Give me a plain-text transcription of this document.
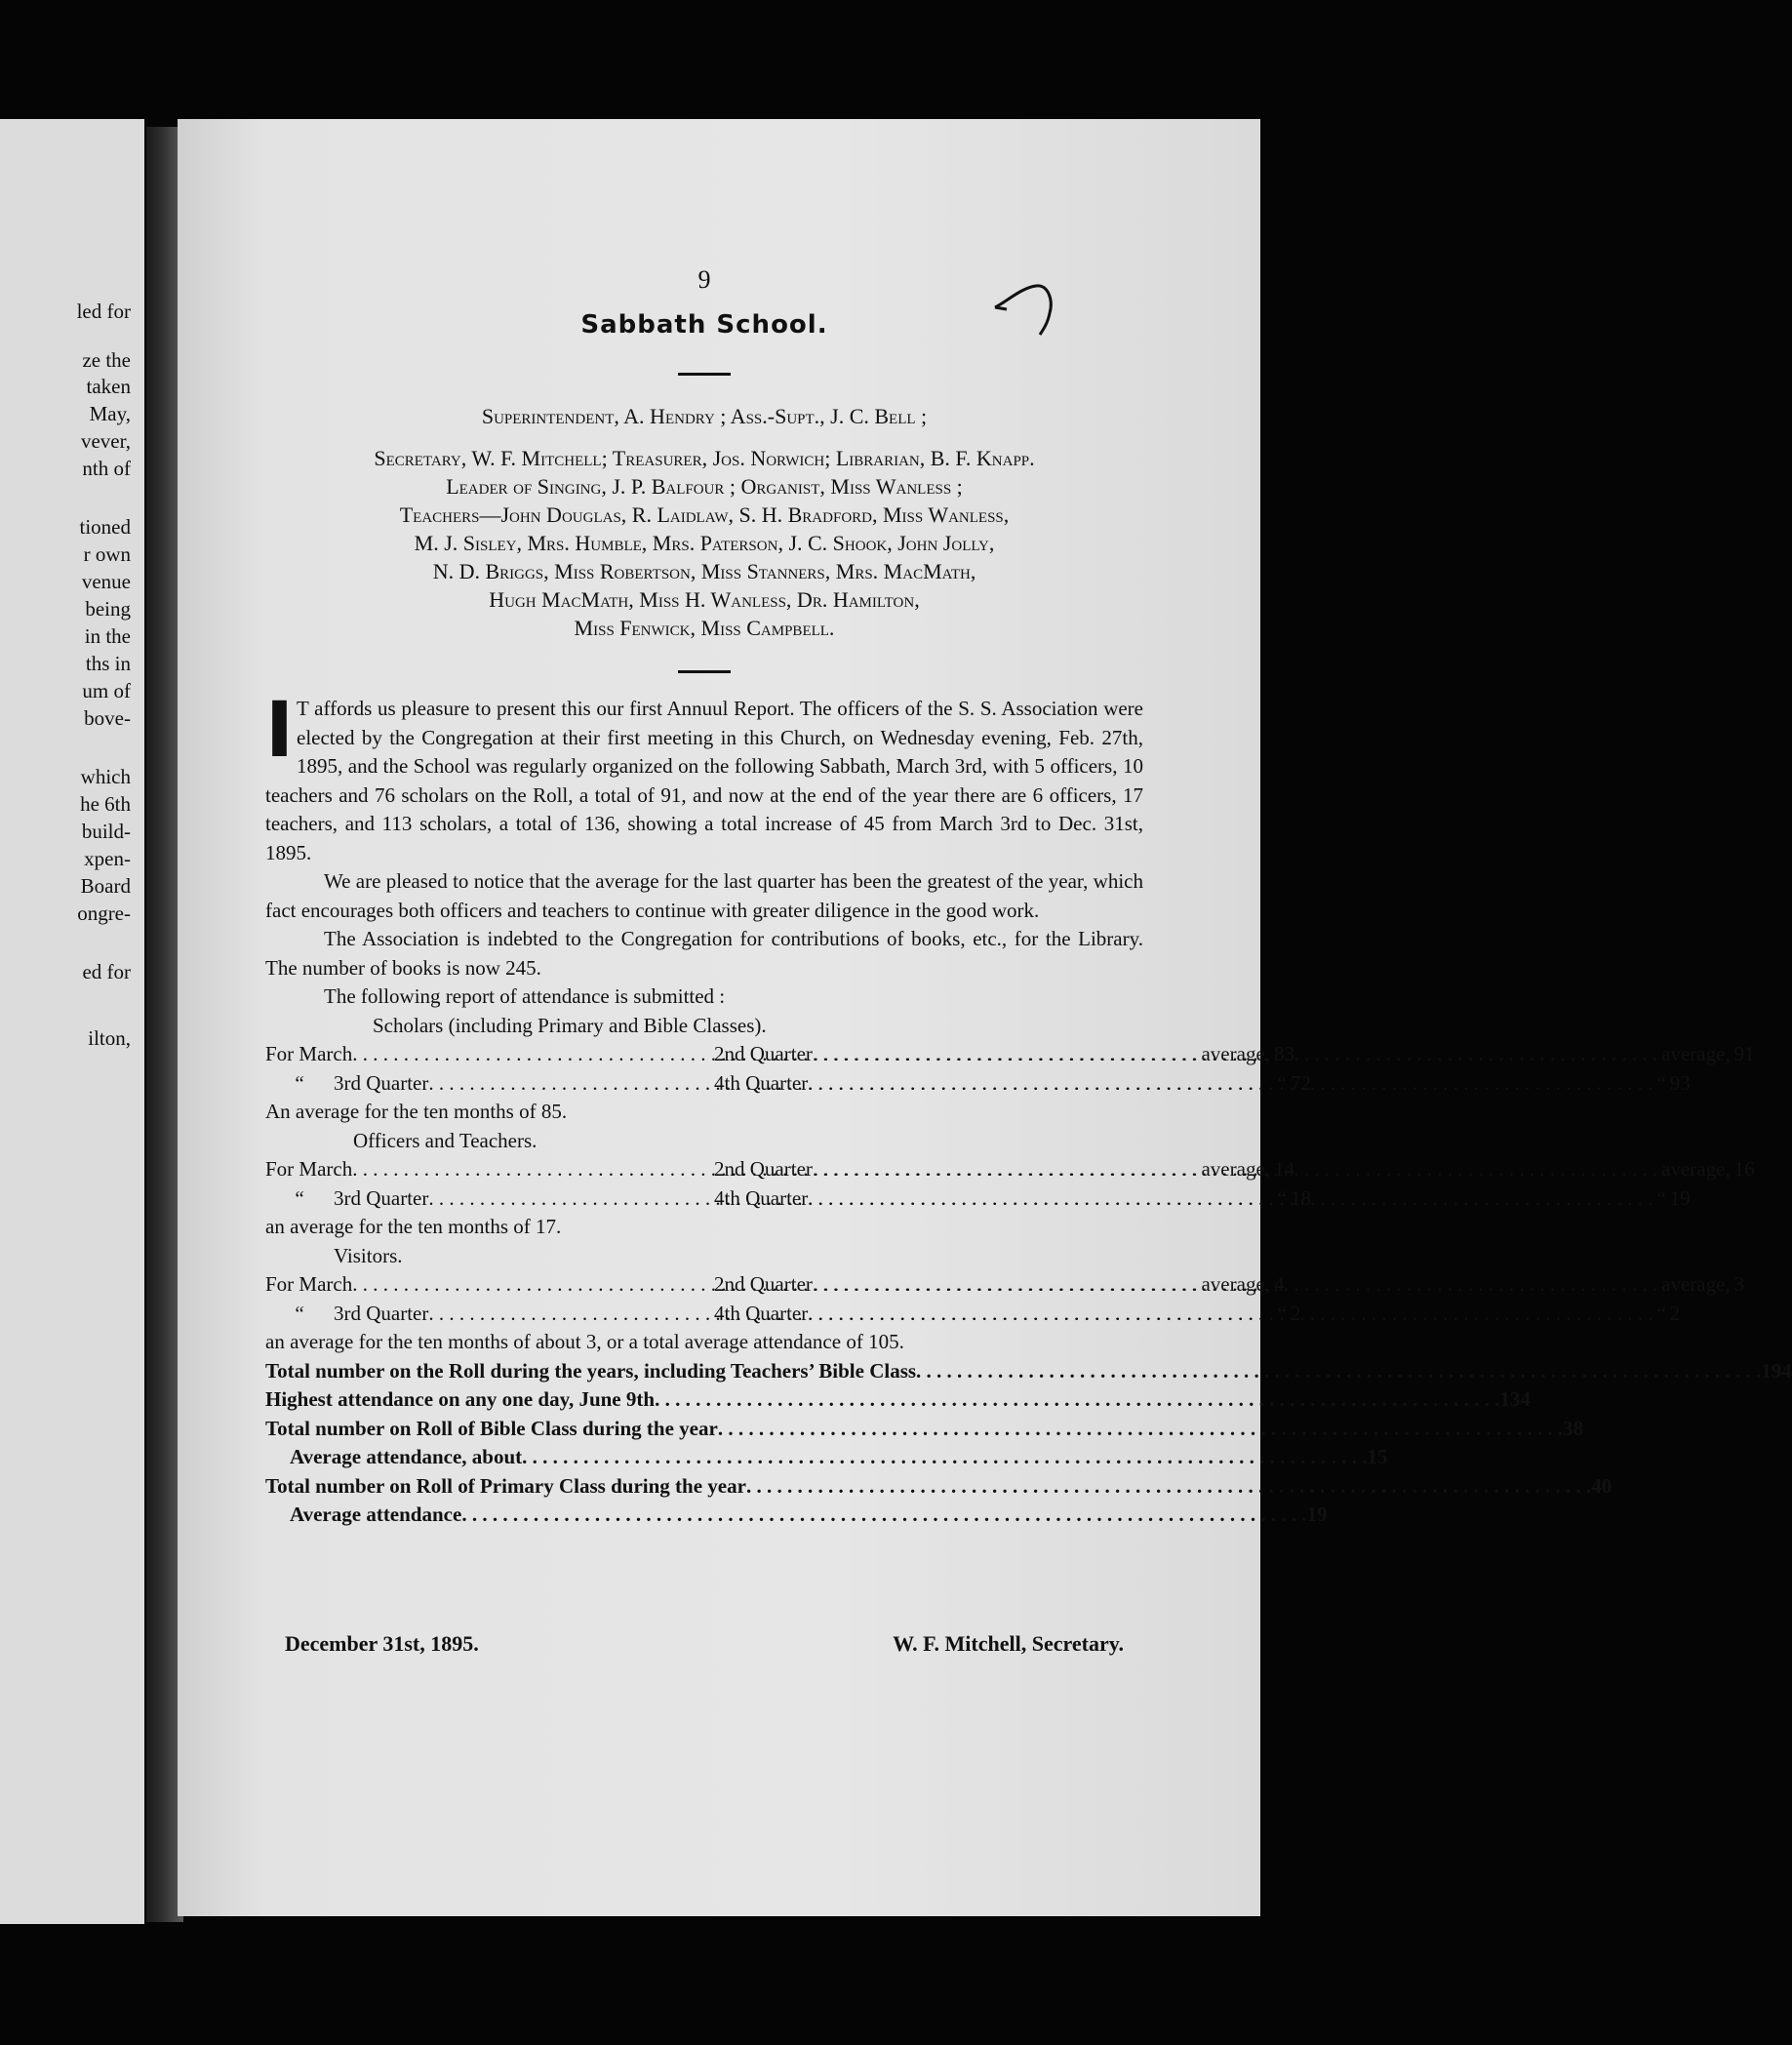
led for
ze the
taken
May,
vever,
nth of
tioned
r own
venue
being
in the
ths in
um of
bove-
which
he 6th
build-
xpen-
Board
ongre-
ed for
ilton,
9
Sabbath School.
Superintendent, A. Hendry ; Ass.-Supt., J. C. Bell ;
Secretary, W. F. Mitchell; Treasurer, Jos. Norwich; Librarian, B. F. Knapp.
Leader of Singing, J. P. Balfour ; Organist, Miss Wanless ;
Teachers—John Douglas, R. Laidlaw, S. H. Bradford, Miss Wanless,
M. J. Sisley, Mrs. Humble, Mrs. Paterson, J. C. Shook, John Jolly,
N. D. Briggs, Miss Robertson, Miss Stanners, Mrs. MacMath,
Hugh MacMath, Miss H. Wanless, Dr. Hamilton,
Miss Fenwick, Miss Campbell.

I T affords us pleasure to present this our first Annuul Report. The officers of the S. S. Association were elected by the Congregation at their first meeting in this Church, on Wednesday evening, Feb. 27th, 1895, and the School was regularly organized on the following Sabbath, March 3rd, with 5 officers, 10 teachers and 76 scholars on the Roll, a total of 91, and now at the end of the year there are 6 officers, 17 teachers, and 113 scholars, a total of 136, showing a total increase of 45 from March 3rd to Dec. 31st, 1895.

We are pleased to notice that the average for the last quarter has been the greatest of the year, which fact encourages both officers and teachers to continue with greater diligence in the good work.

The Association is indebted to the Congregation for contributions of books, etc., for the Library. The number of books is now 245.

The following report of attendance is submitted :

Scholars (including Primary and Bible Classes).

For March . . .	average, 83
2nd Quarter . . .	average, 91
“	3rd Quarter . . .	“ 72
4th Quarter . . .	“ 93

An average for the ten months of 85.

Officers and Teachers.

For March . . .	average, 14
2nd Quarter . . .	average, 16
“	3rd Quarter . . .	“ 18
4th Quarter . . .	“ 19

an average for the ten months of 17.

Visitors.

For March . . .	average, 4
2nd Quarter . . .	average, 3
“	3rd Quarter . . .	“ 2
4th Quarter . . .	“ 2

an average for the ten months of about 3, or a total average attendance of 105.

Total number on the Roll during the years, including Teachers’ Bible Class . . .	194
Highest attendance on any one day, June 9th . . .	134
Total number on Roll of Bible Class during the year . . .	38
Average attendance, about . . .	15
Total number on Roll of Primary Class during the year . . .	40
Average attendance . . .	19
December 31st, 1895.	W. F. Mitchell, Secretary.
